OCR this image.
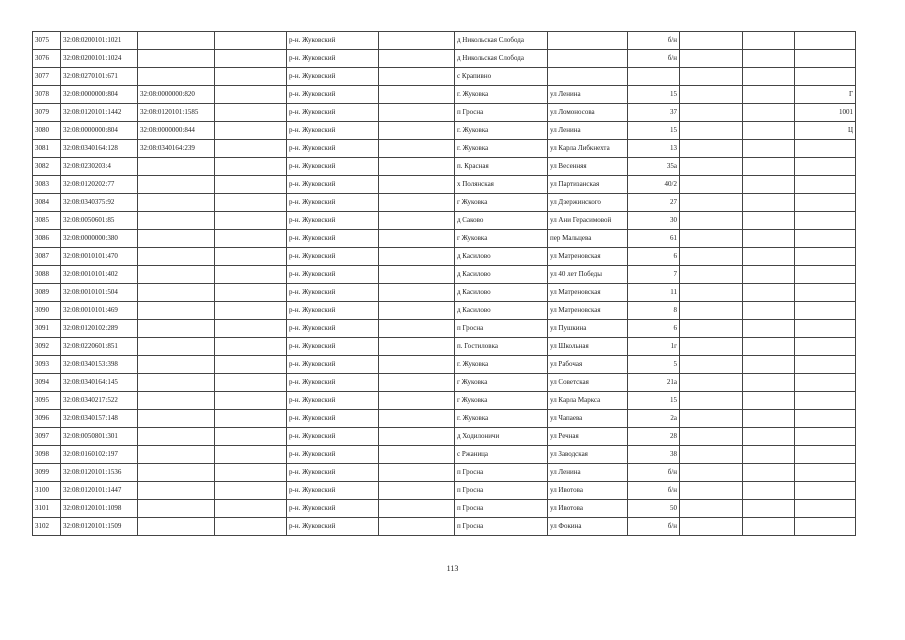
3075	32:08:0200101:1021			р-н. Жуковский		д Никольская Слобода		б/н			
3076	32:08:0200101:1024			р-н. Жуковский		д Никольская Слобода		б/н			
3077	32:08:0270101:671			р-н. Жуковский		с Крапивно					
3078	32:08:0000000:804	32:08:0000000:820		р-н. Жуковский		г. Жуковка	ул Ленина	15			Г
3079	32:08:0120101:1442	32:08:0120101:1585		р-н. Жуковский		п Гросна	ул Ломоносова	37			1001
3080	32:08:0000000:804	32:08:0000000:844		р-н. Жуковский		г. Жуковка	ул Ленина	15			Ц
3081	32:08:0340164:128	32:08:0340164:239		р-н. Жуковский		г. Жуковка	ул Карла Либкнехта	13			
3082	32:08:0230203:4			р-н. Жуковский		п. Красная	ул Весенняя	35а			
3083	32:08:0120202:77			р-н. Жуковский		х Полянская	ул Партизанская	40/2			
3084	32:08:0340375:92			р-н. Жуковский		г Жуковка	ул Дзержинского	27			
3085	32:08:0050601:85			р-н. Жуковский		д Саково	ул Ани Герасимовой	30			
3086	32:08:0000000:380			р-н. Жуковский		г Жуковка	пер Мальцева	61			
3087	32:08:0010101:470			р-н. Жуковский		д Касилово	ул Матреновская	6			
3088	32:08:0010101:402			р-н. Жуковский		д Касилово	ул 40 лет Победы	7			
3089	32:08:0010101:504			р-н. Жуковский		д Касилово	ул Матреновская	11			
3090	32:08:0010101:469			р-н. Жуковский		д Касилово	ул Матреновская	8			
3091	32:08:0120102:289			р-н. Жуковский		п Гросна	ул Пушкина	6			
3092	32:08:0220601:851			р-н. Жуковский		п. Гостиловка	ул Школьная	1г			
3093	32:08:0340153:398			р-н. Жуковский		г. Жуковка	ул Рабочая	5			
3094	32:08:0340164:145			р-н. Жуковский		г Жуковка	ул Советская	21а			
3095	32:08:0340217:522			р-н. Жуковский		г Жуковка	ул Карла Маркса	15			
3096	32:08:0340157:148			р-н. Жуковский		г. Жуковка	ул Чапаева	2а			
3097	32:08:0050801:301			р-н. Жуковский		д Ходилоничи	ул Речная	28			
3098	32:08:0160102:197			р-н. Жуковский		с Ржаница	ул Заводская	38			
3099	32:08:0120101:1536			р-н. Жуковский		п Гросна	ул Ленина	б/н			
3100	32:08:0120101:1447			р-н. Жуковский		п Гросна	ул Ивотова	б/н			
3101	32:08:0120101:1098			р-н. Жуковский		п Гросна	ул Ивотова	50			
3102	32:08:0120101:1509			р-н. Жуковский		п Гросна	ул Фокина	б/н			
113
